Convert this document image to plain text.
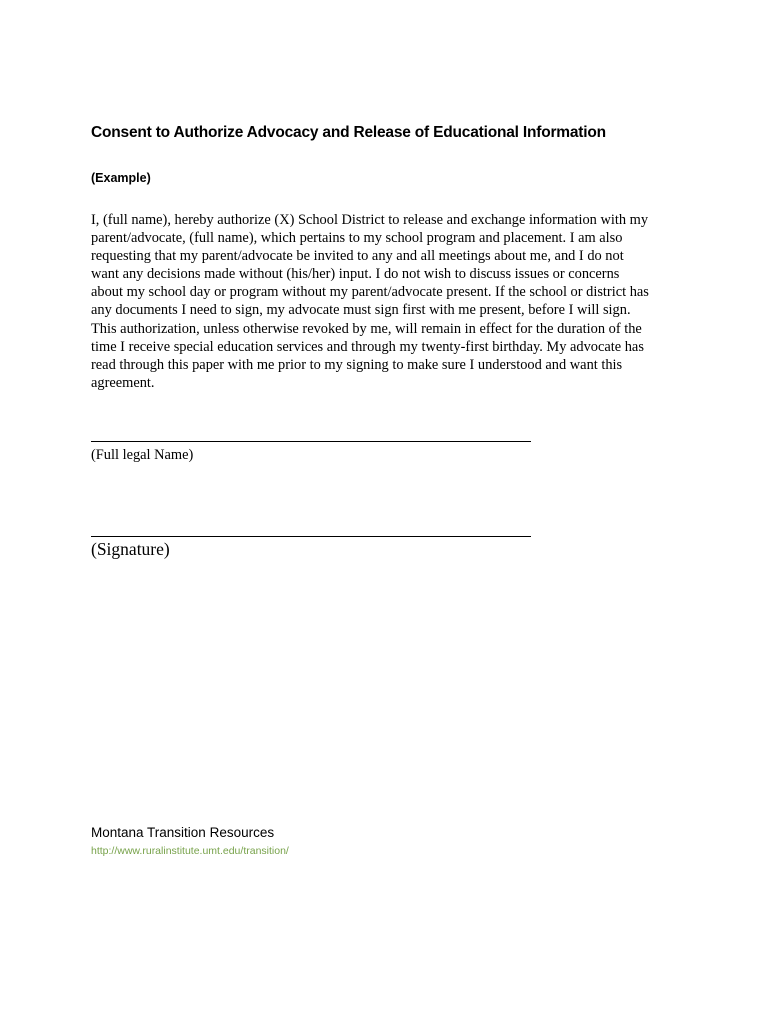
Consent to Authorize Advocacy and Release of Educational Information
(Example)
I, (full name), hereby authorize (X) School District to release and exchange information with my
parent/advocate, (full name), which pertains to my school program and placement. I am also
requesting that my parent/advocate be invited to any and all meetings about me, and I do not
want any decisions made without (his/her) input. I do not wish to discuss issues or concerns
about my school day or program without my parent/advocate present. If the school or district has
any documents I need to sign, my advocate must sign first with me present, before I will sign.
This authorization, unless otherwise revoked by me, will remain in effect for the duration of the
time I receive special education services and through my twenty-first birthday. My advocate has
read through this paper with me prior to my signing to make sure I understood and want this
agreement.
(Full legal Name)
(Signature)
Montana Transition Resources
http://www.ruralinstitute.umt.edu/transition/
